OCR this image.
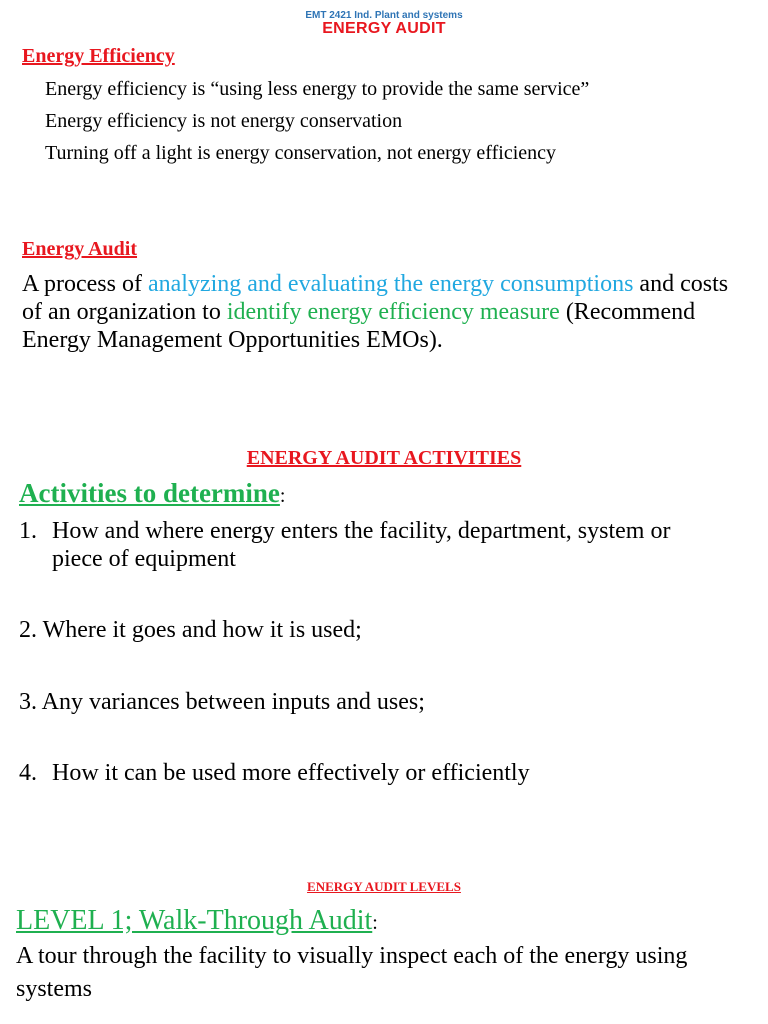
EMT 2421 Ind. Plant and systems
ENERGY AUDIT
Energy Efficiency
Energy efficiency is “using less energy to provide the same service”
Energy efficiency is not energy conservation
Turning off a light is energy conservation, not energy efficiency
Energy Audit
A process of analyzing and evaluating the energy consumptions and costs of an organization to identify energy efficiency measure (Recommend Energy Management Opportunities EMOs).
ENERGY AUDIT ACTIVITIES
Activities to determine:
1. How and where energy enters the facility, department, system or
piece of equipment
2. Where it goes and how it is used;
3. Any variances between inputs and uses;
4. How it can be used more effectively or efficiently
ENERGY AUDIT LEVELS
LEVEL 1; Walk-Through Audit:
A tour through the facility to visually inspect each of the energy using
systems
